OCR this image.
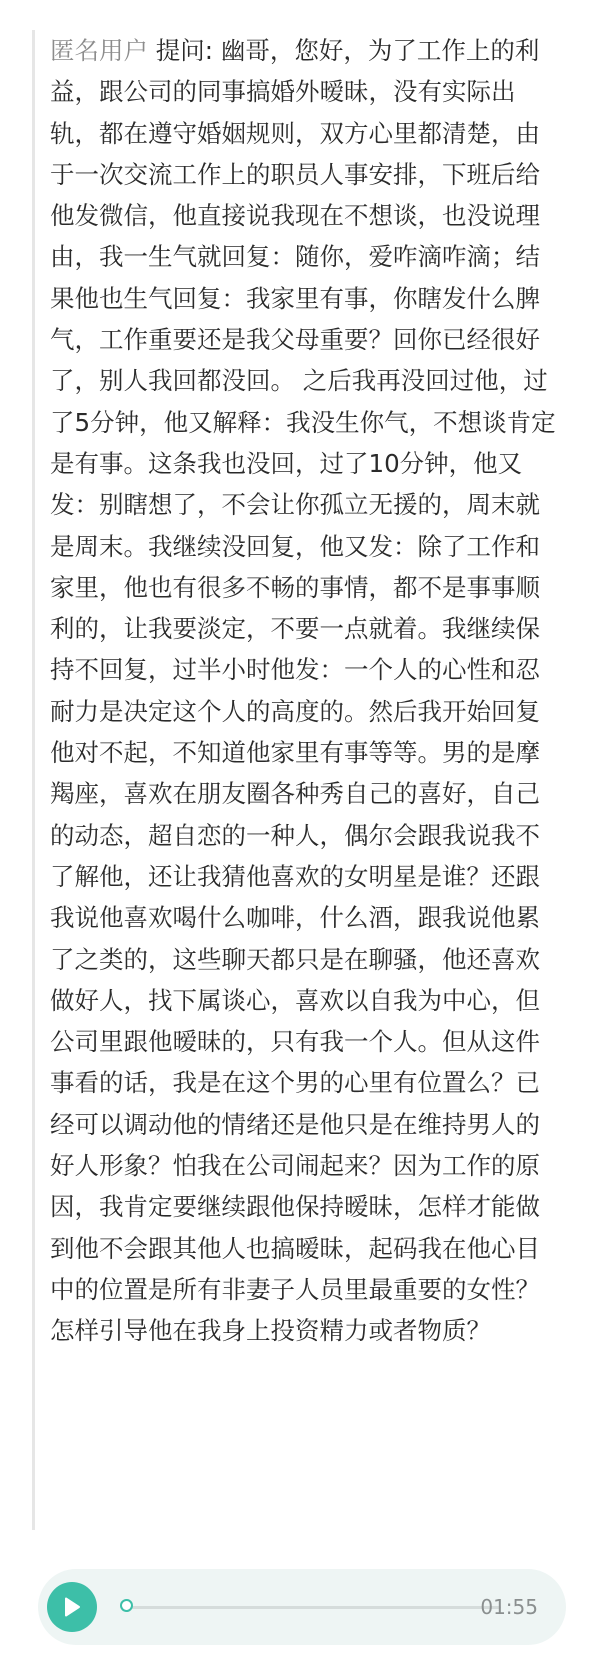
匿名用户 提问: 幽哥，您好，为了工作上的利益，跟公司的同事搞婚外暧昧，没有实际出轨，都在遵守婚姻规则，双方心里都清楚，由于一次交流工作上的职员人事安排，下班后给他发微信，他直接说我现在不想谈，也没说理由，我一生气就回复：随你，爱咋滴咋滴；结果他也生气回复：我家里有事，你瞎发什么脾气，工作重要还是我父母重要？回你已经很好了，别人我回都没回。 之后我再没回过他，过了5分钟，他又解释：我没生你气，不想谈肯定是有事。这条我也没回，过了10分钟，他又发：别瞎想了，不会让你孤立无援的，周末就是周末。我继续没回复，他又发：除了工作和家里，他也有很多不畅的事情，都不是事事顺利的，让我要淡定，不要一点就着。我继续保持不回复，过半小时他发：一个人的心性和忍耐力是决定这个人的高度的。然后我开始回复他对不起，不知道他家里有事等等。男的是摩羯座，喜欢在朋友圈各种秀自己的喜好，自己的动态，超自恋的一种人，偶尔会跟我说我不了解他，还让我猜他喜欢的女明星是谁？还跟我说他喜欢喝什么咖啡，什么酒，跟我说他累了之类的，这些聊天都只是在聊骚，他还喜欢做好人，找下属谈心，喜欢以自我为中心，但公司里跟他暧昧的，只有我一个人。但从这件事看的话，我是在这个男的心里有位置么？已经可以调动他的情绪还是他只是在维持男人的好人形象？怕我在公司闹起来？因为工作的原因，我肯定要继续跟他保持暧昧，怎样才能做到他不会跟其他人也搞暧昧，起码我在他心目中的位置是所有非妻子人员里最重要的女性？怎样引导他在我身上投资精力或者物质？

01:55
